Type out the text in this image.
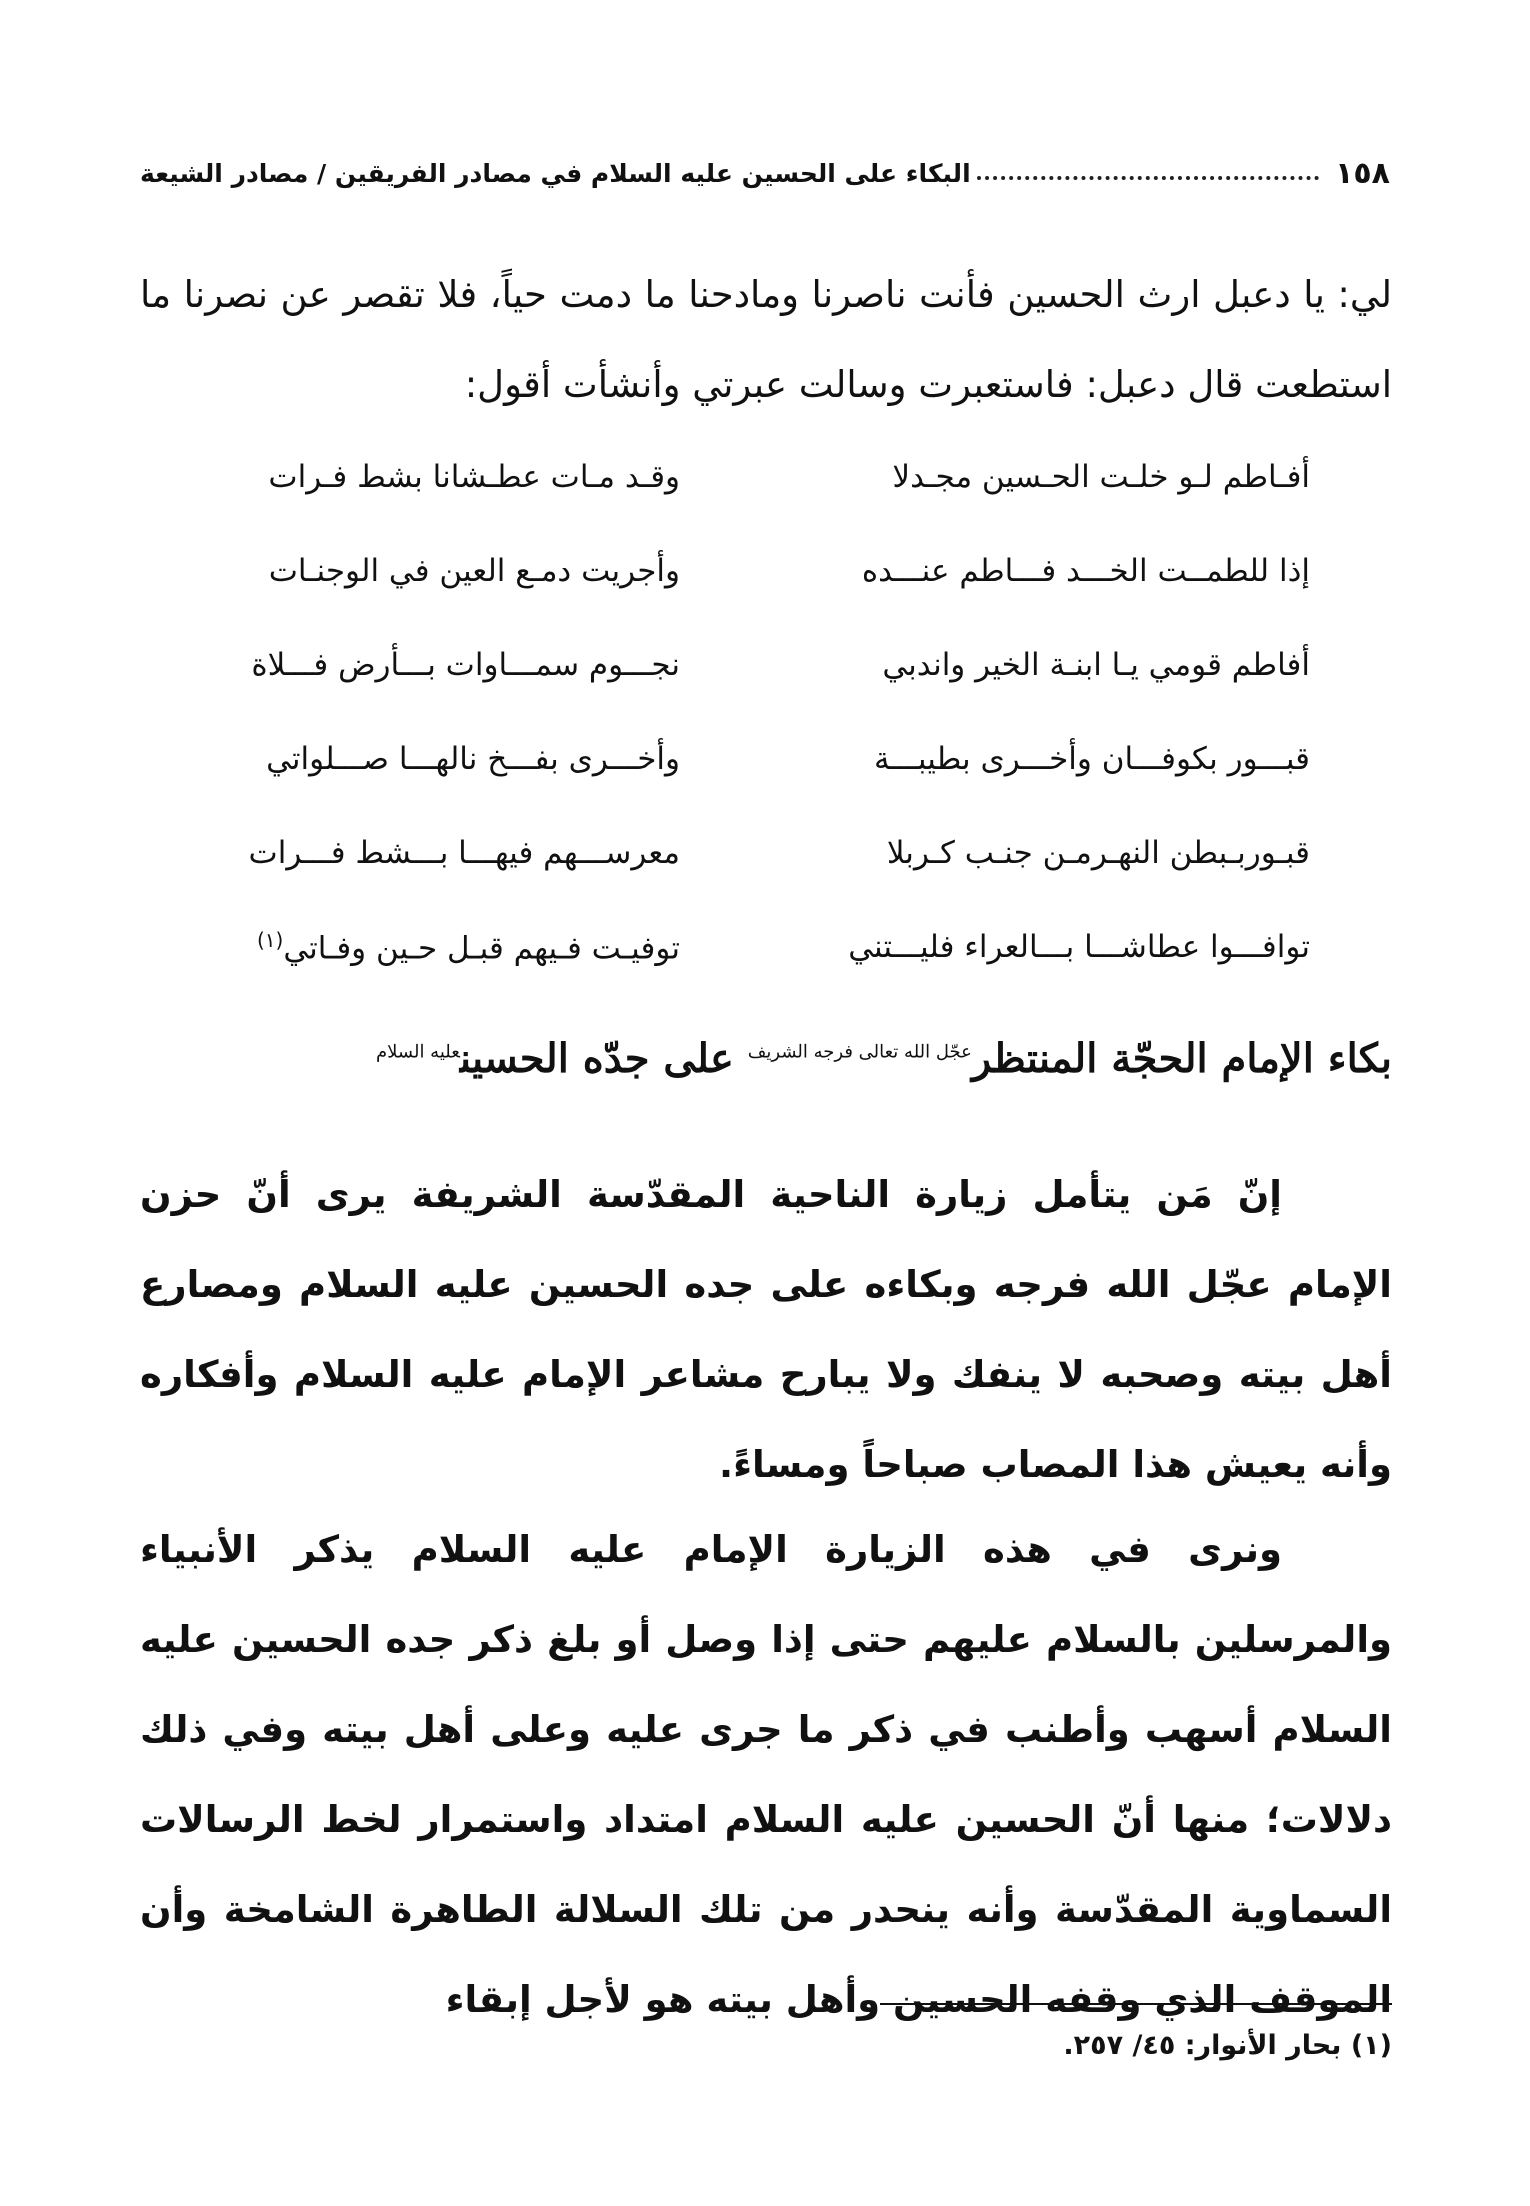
١٥٨
البكاء على الحسين عليه السلام في مصادر الفريقين / مصادر الشيعة

لي: يا دعبل ارث الحسين فأنت ناصرنا ومادحنا ما دمت حياً، فلا تقصر عن نصرنا ما استطعت قال دعبل: فاستعبرت وسالت عبرتي وأنشأت أقول:

أفـاطم لـو خلـت الحـسين مجـدلا
وقـد مـات عطـشانا بشط فـرات
إذا للطمــت الخـــد فـــاطم عنـــده
وأجريت دمـع العين في الوجنـات
أفاطم قومي يـا ابنـة الخير واندبي
نجـــوم سمـــاوات بـــأرض فـــلاة
قبـــور بكوفـــان وأخـــرى بطيبـــة
وأخـــرى بفـــخ نالهـــا صـــلواتي
قبـوربـبطن النهـرمـن جنـب كـربلا
معرســـهم فيهـــا بـــشط فـــرات
توافـــوا عطاشـــا بـــالعراء فليـــتني
توفيـت فـيهم قبـل حـين وفـاتي$^{(١)}$
بكاء الإمام الحجّة المنتظر$^{عجّل الله تعالى فرجه الشريف}$ على جدّه الحسين$^{عليه السلام}$

إنّ مَن يتأمل زيارة الناحية المقدّسة الشريفة يرى أنّ حزن الإمام عجّل الله فرجه وبكاءه على جده الحسين عليه السلام ومصارع أهل بيته وصحبه لا ينفك ولا يبارح مشاعر الإمام عليه السلام وأفكاره وأنه يعيش هذا المصاب صباحاً ومساءً.

ونرى في هذه الزيارة الإمام عليه السلام يذكر الأنبياء والمرسلين بالسلام عليهم حتى إذا وصل أو بلغ ذكر جده الحسين عليه السلام أسهب وأطنب في ذكر ما جرى عليه وعلى أهل بيته وفي ذلك دلالات؛ منها أنّ الحسين عليه السلام امتداد واستمرار لخط الرسالات السماوية المقدّسة وأنه ينحدر من تلك السلالة الطاهرة الشامخة وأن الموقف الذي وقفه الحسين وأهل بيته هو لأجل إبقاء

(١) بحار الأنوار: ٤٥/ ٢٥٧.
